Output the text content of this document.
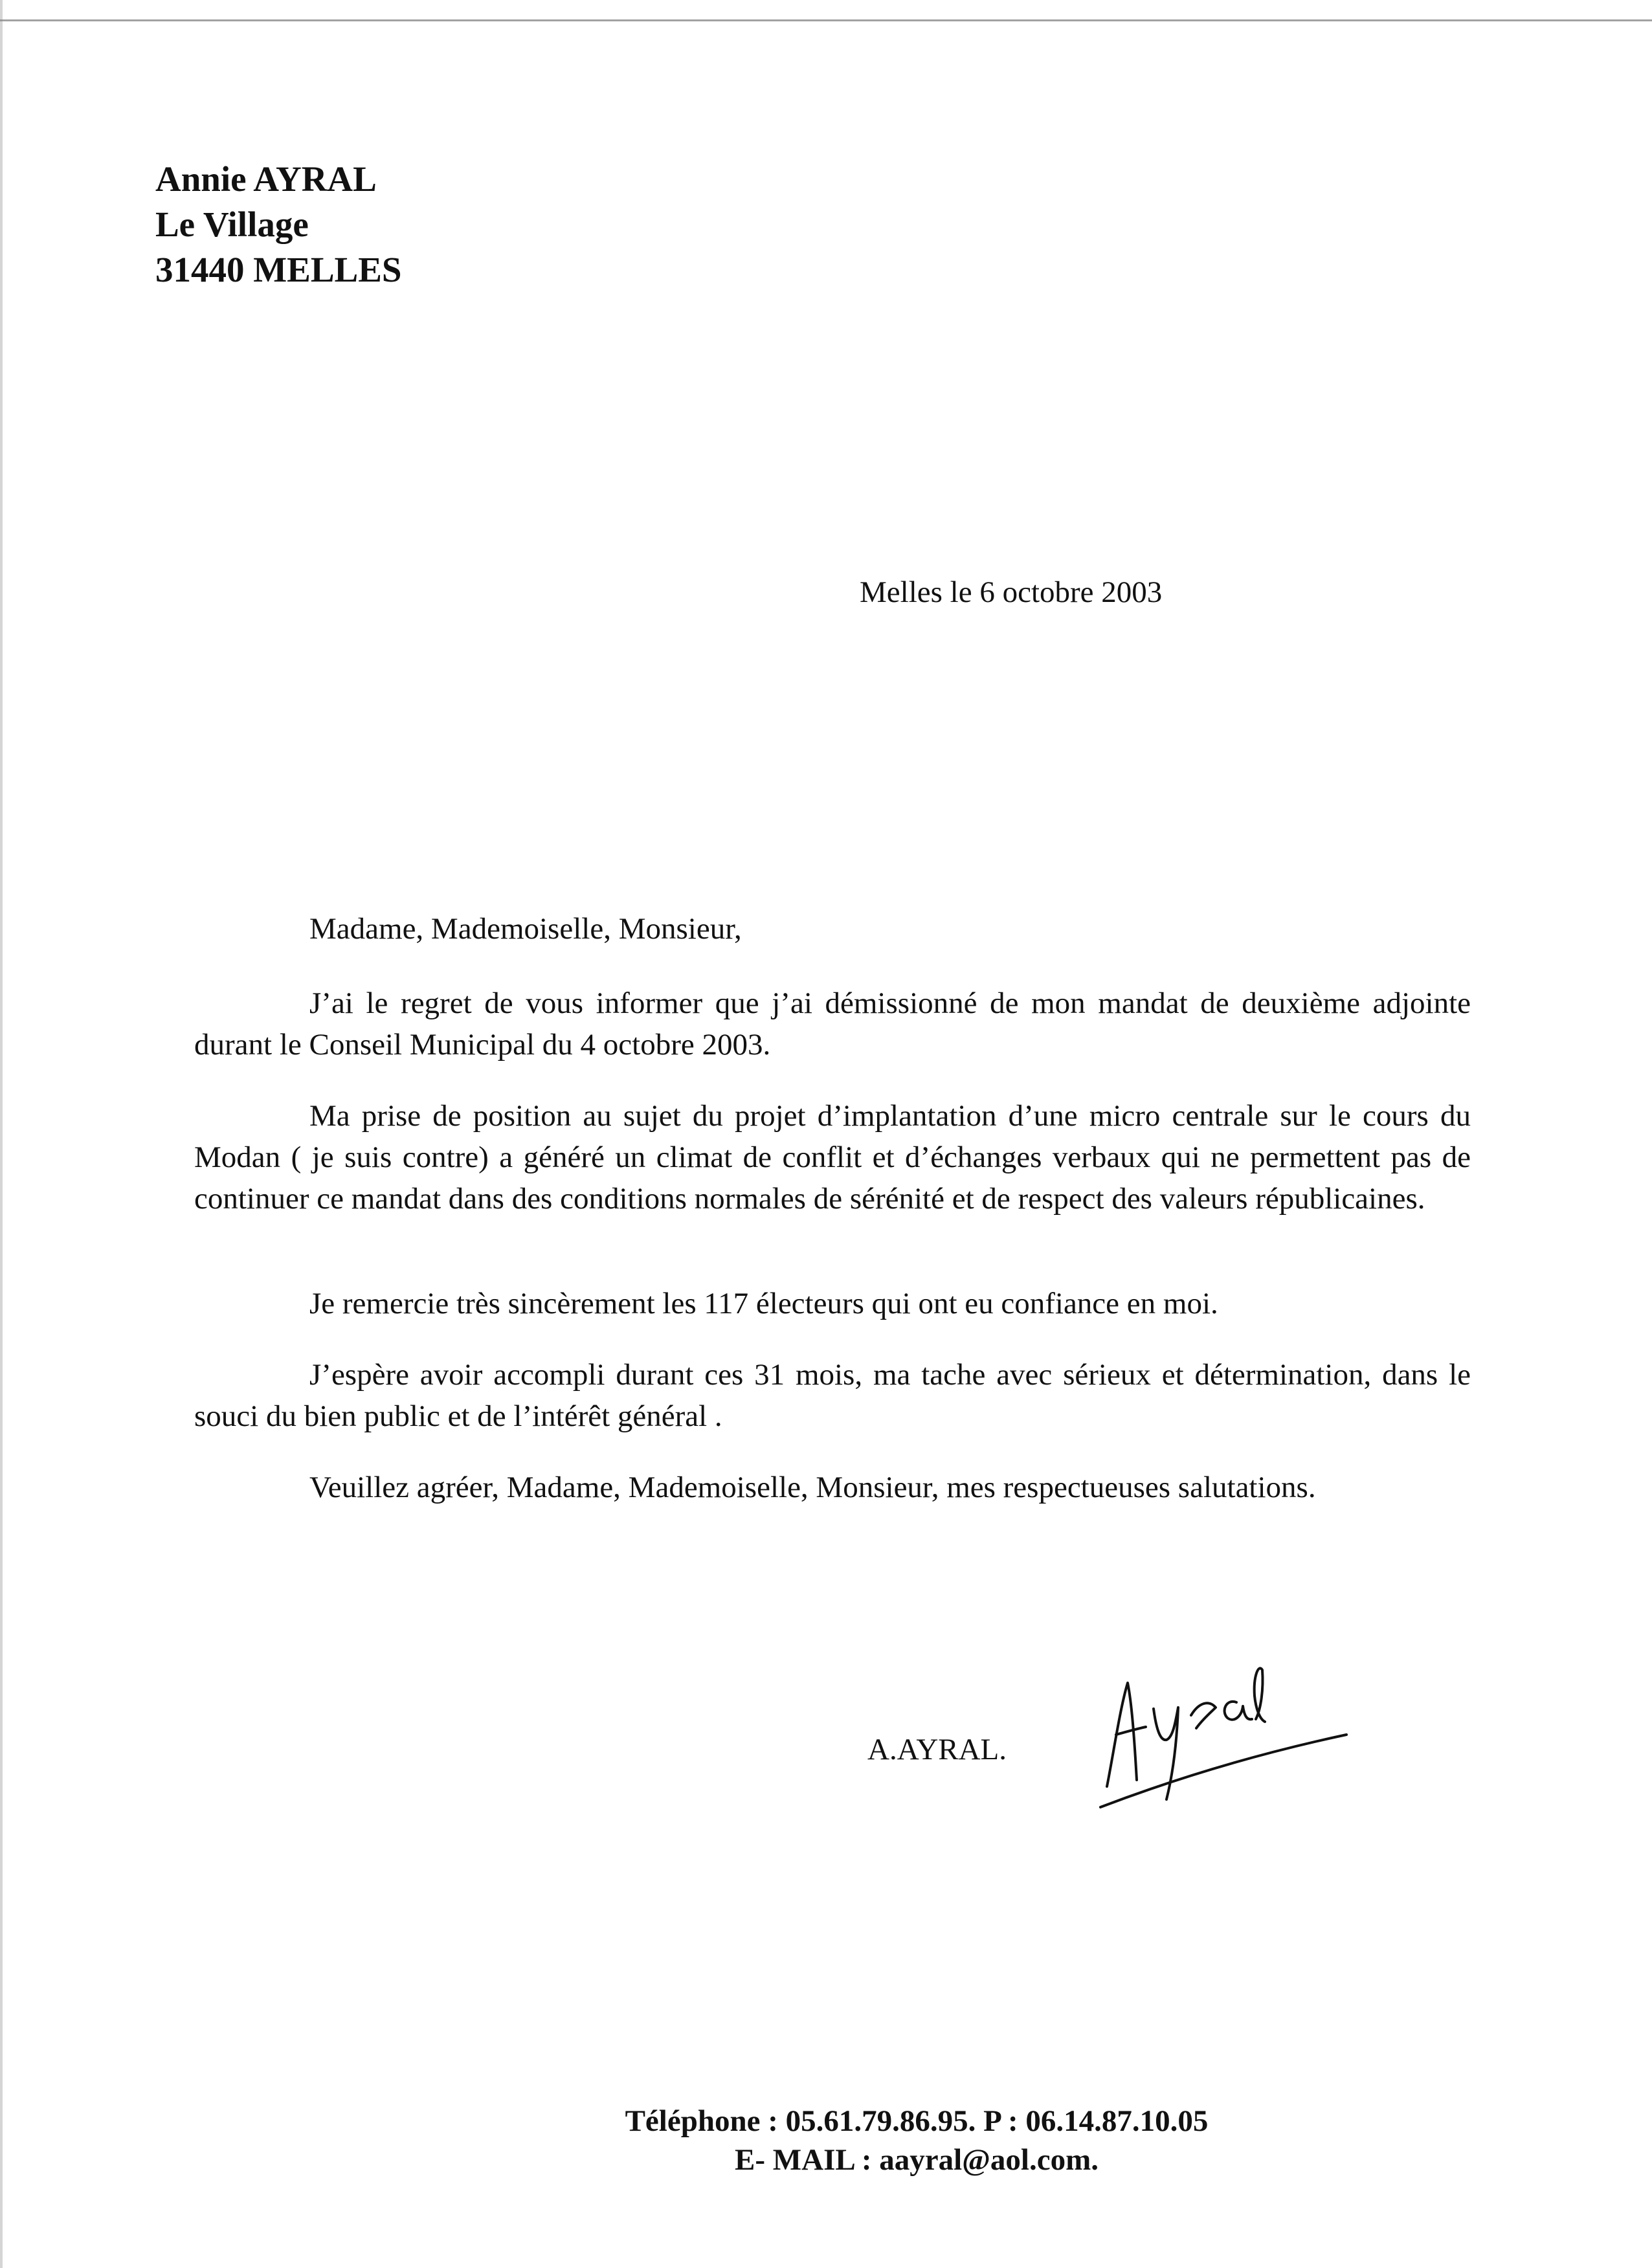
Annie AYRAL
Le Village
31440 MELLES
Melles le 6 octobre 2003
Madame, Mademoiselle, Monsieur,
J’ai le regret de vous informer que j’ai démissionné de mon mandat de deuxième adjointe durant le Conseil Municipal du 4 octobre 2003.
Ma prise de position au sujet du projet d’implantation d’une micro centrale sur le cours du Modan ( je suis contre) a généré un climat de conflit et d’échanges verbaux qui ne permettent pas de continuer ce mandat dans des conditions normales de sérénité et de respect des valeurs républicaines.
Je remercie très sincèrement les 117 électeurs qui ont eu confiance en moi.
J’espère avoir accompli durant ces 31 mois, ma tache avec sérieux et détermination, dans le souci du bien public et de l’intérêt général .
Veuillez agréer, Madame, Mademoiselle, Monsieur, mes respectueuses salutations.
A.AYRAL.
Téléphone : 05.61.79.86.95. P : 06.14.87.10.05
E- MAIL : aayral@aol.com.
